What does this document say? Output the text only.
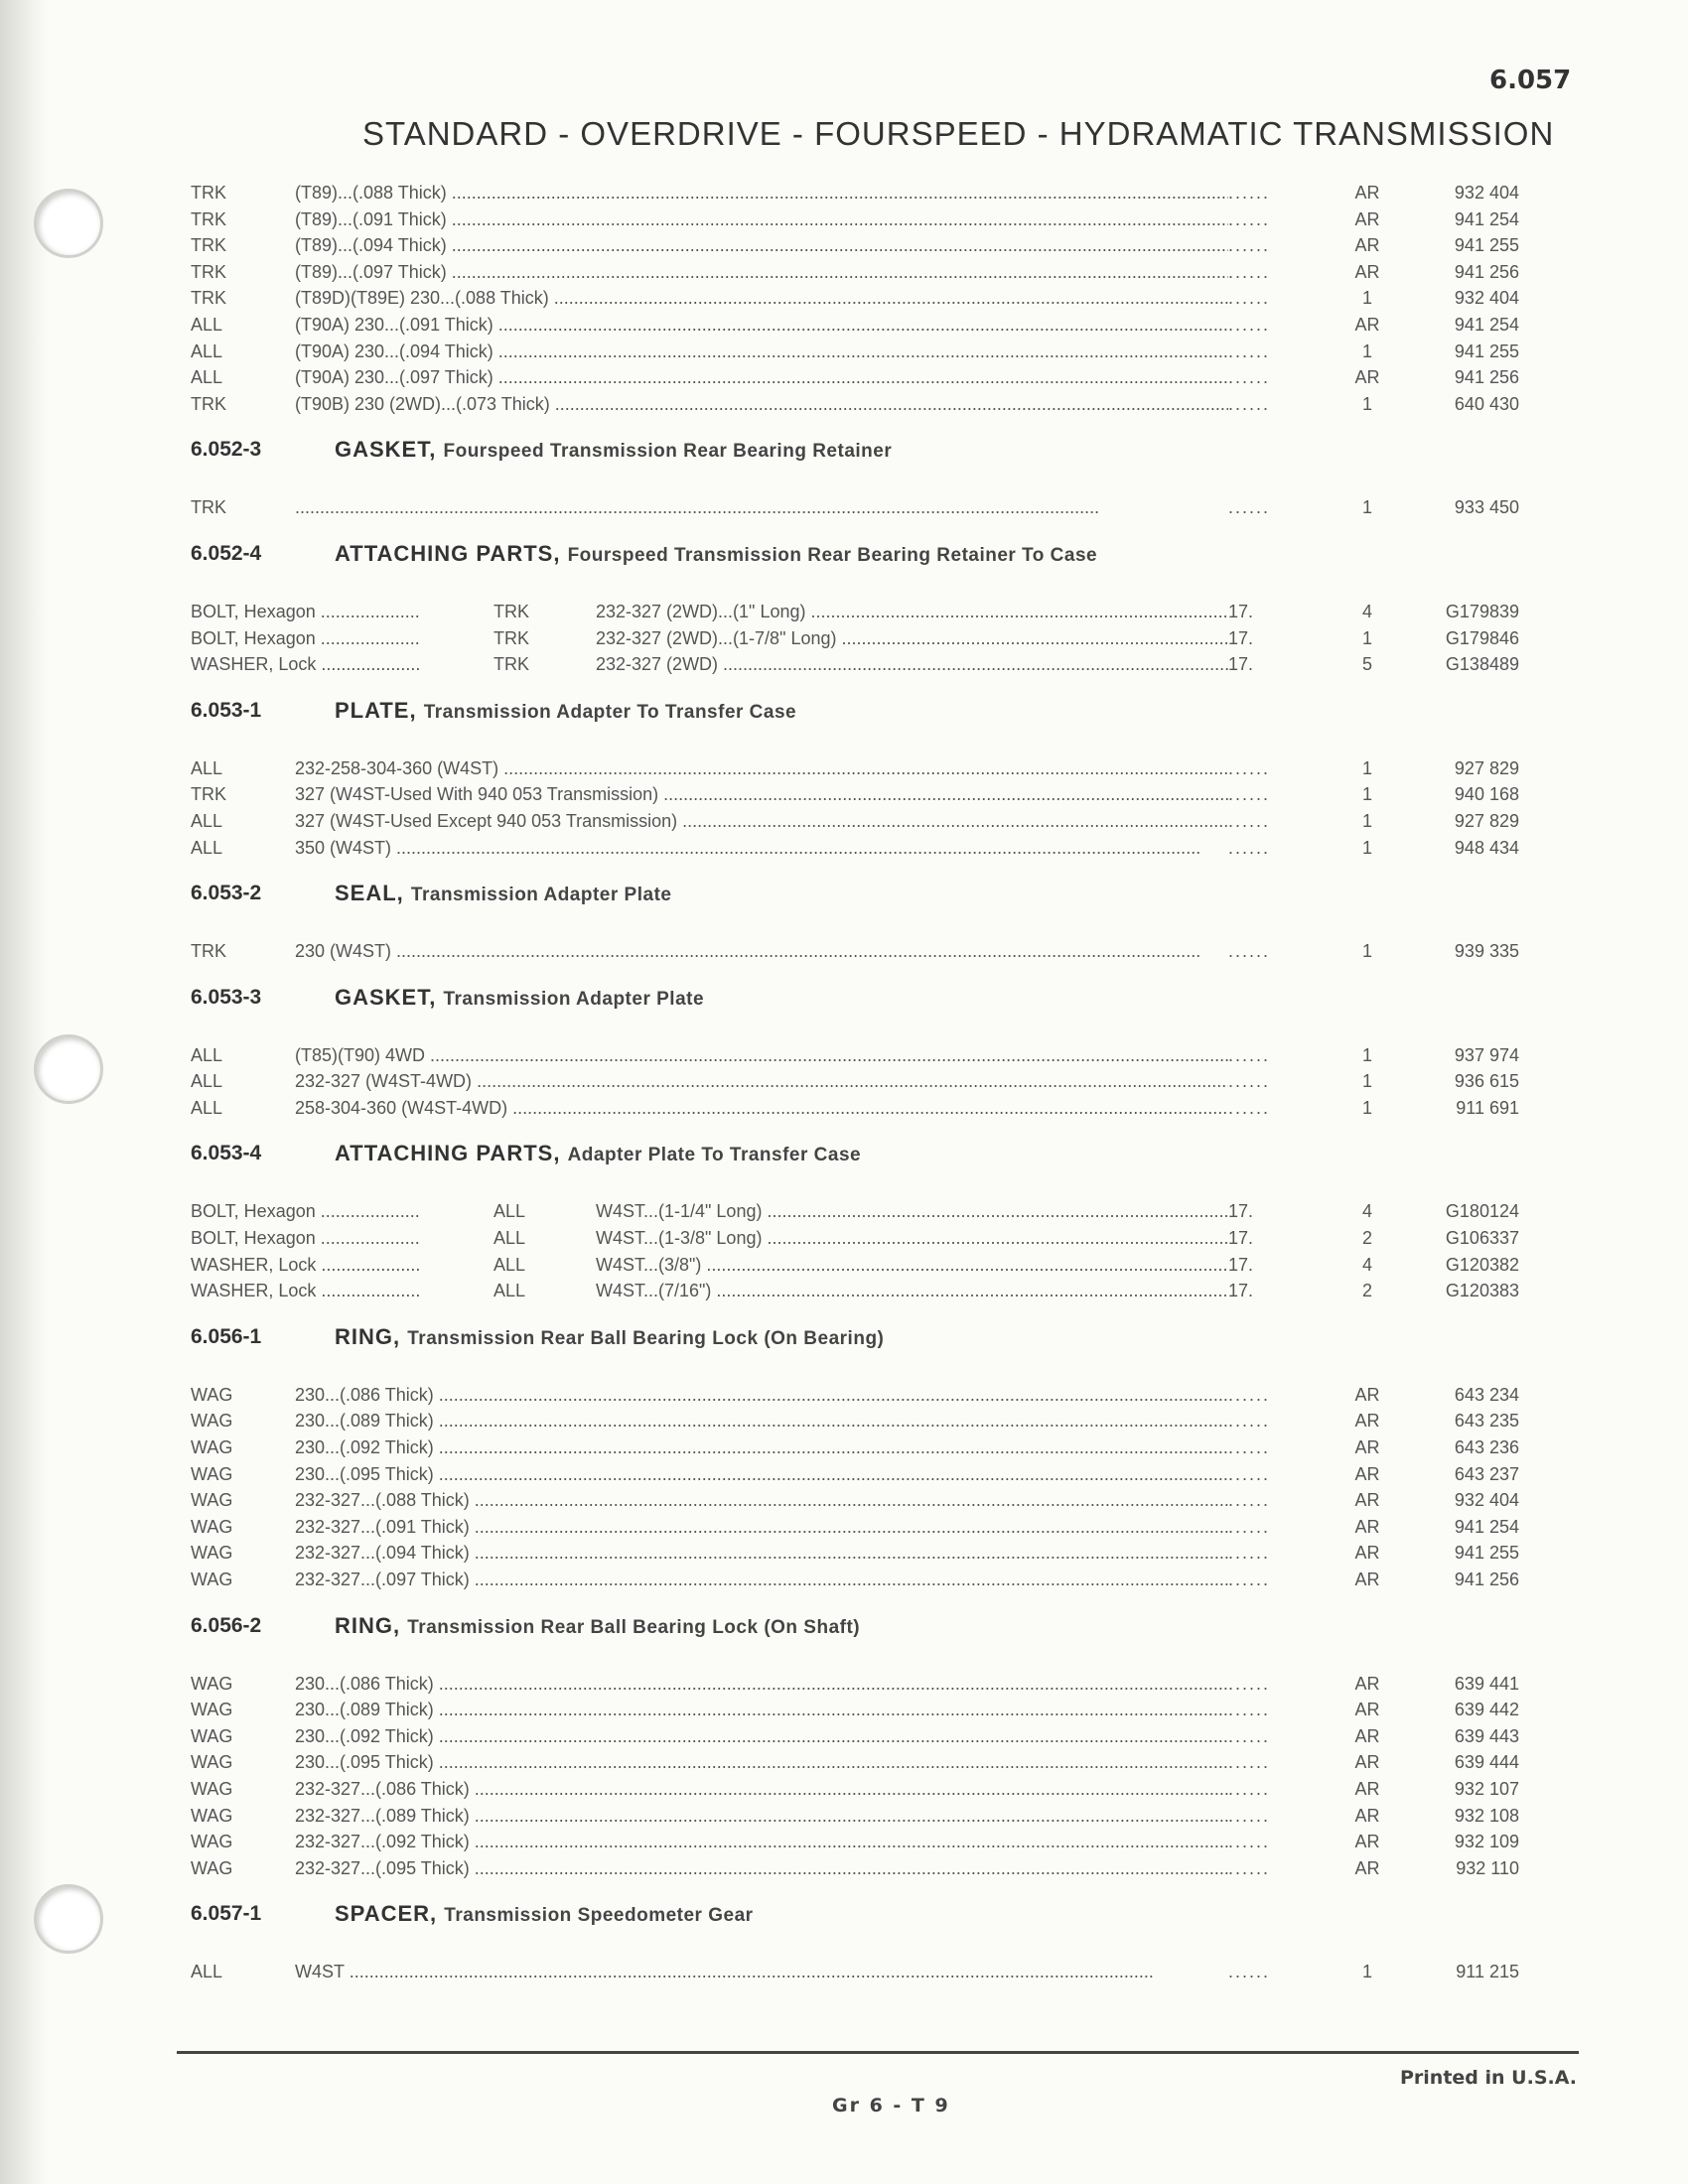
6.057
STANDARD - OVERDRIVE - FOURSPEED - HYDRAMATIC TRANSMISSION
TRK	(T89)...(.088 Thick) ..... ......	AR	932 404
TRK	(T89)...(.091 Thick) ..... ......	AR	941 254
TRK	(T89)...(.094 Thick) ..... ......	AR	941 255
TRK	(T89)...(.097 Thick) ..... ......	AR	941 256
TRK	(T89D)(T89E) 230...(.088 Thick) ..... ......	1	932 404
ALL	(T90A) 230...(.091 Thick) ..... ......	AR	941 254
ALL	(T90A) 230...(.094 Thick) ..... ......	1	941 255
ALL	(T90A) 230...(.097 Thick) ..... ......	AR	941 256
TRK	(T90B) 230 (2WD)...(.073 Thick) ..... ......	1	640 430
6.052-3	GASKET, Fourspeed Transmission Rear Bearing Retainer
TRK ..... ......	1	933 450
6.052-4	ATTACHING PARTS, Fourspeed Transmission Rear Bearing Retainer To Case
BOLT, Hexagon .....	TRK	232-327 (2WD)...(1" Long) .....	17.	4	G179839
BOLT, Hexagon .....	TRK	232-327 (2WD)...(1-7/8" Long) .....	17.	1	G179846
WASHER, Lock .....	TRK	232-327 (2WD) .....	17.	5	G138489
6.053-1	PLATE, Transmission Adapter To Transfer Case
ALL	232-258-304-360 (W4ST) ..... ......	1	927 829
TRK	327 (W4ST-Used With 940 053 Transmission) ..... ......	1	940 168
ALL	327 (W4ST-Used Except 940 053 Transmission) ..... ......	1	927 829
ALL	350 (W4ST) ..... ......	1	948 434
6.053-2	SEAL, Transmission Adapter Plate
TRK	230 (W4ST) ..... ......	1	939 335
6.053-3	GASKET, Transmission Adapter Plate
ALL	(T85)(T90) 4WD ..... ......	1	937 974
ALL	232-327 (W4ST-4WD) ..... ......	1	936 615
ALL	258-304-360 (W4ST-4WD) ..... ......	1	911 691
6.053-4	ATTACHING PARTS, Adapter Plate To Transfer Case
BOLT, Hexagon .....	ALL	W4ST...(1-1/4" Long) .....	17.	4	G180124
BOLT, Hexagon .....	ALL	W4ST...(1-3/8" Long) .....	17.	2	G106337
WASHER, Lock .....	ALL	W4ST...(3/8") .....	17.	4	G120382
WASHER, Lock .....	ALL	W4ST...(7/16") .....	17.	2	G120383
6.056-1	RING, Transmission Rear Ball Bearing Lock (On Bearing)
WAG	230...(.086 Thick) ..... ......	AR	643 234
WAG	230...(.089 Thick) ..... ......	AR	643 235
WAG	230...(.092 Thick) ..... ......	AR	643 236
WAG	230...(.095 Thick) ..... ......	AR	643 237
WAG	232-327...(.088 Thick) ..... ......	AR	932 404
WAG	232-327...(.091 Thick) ..... ......	AR	941 254
WAG	232-327...(.094 Thick) ..... ......	AR	941 255
WAG	232-327...(.097 Thick) ..... ......	AR	941 256
6.056-2	RING, Transmission Rear Ball Bearing Lock (On Shaft)
WAG	230...(.086 Thick) ..... ......	AR	639 441
WAG	230...(.089 Thick) ..... ......	AR	639 442
WAG	230...(.092 Thick) ..... ......	AR	639 443
WAG	230...(.095 Thick) ..... ......	AR	639 444
WAG	232-327...(.086 Thick) ..... ......	AR	932 107
WAG	232-327...(.089 Thick) ..... ......	AR	932 108
WAG	232-327...(.092 Thick) ..... ......	AR	932 109
WAG	232-327...(.095 Thick) ..... ......	AR	932 110
6.057-1	SPACER, Transmission Speedometer Gear
ALL	W4ST ..... ......	1	911 215
Printed in U.S.A.
Gr 6 - T 9
